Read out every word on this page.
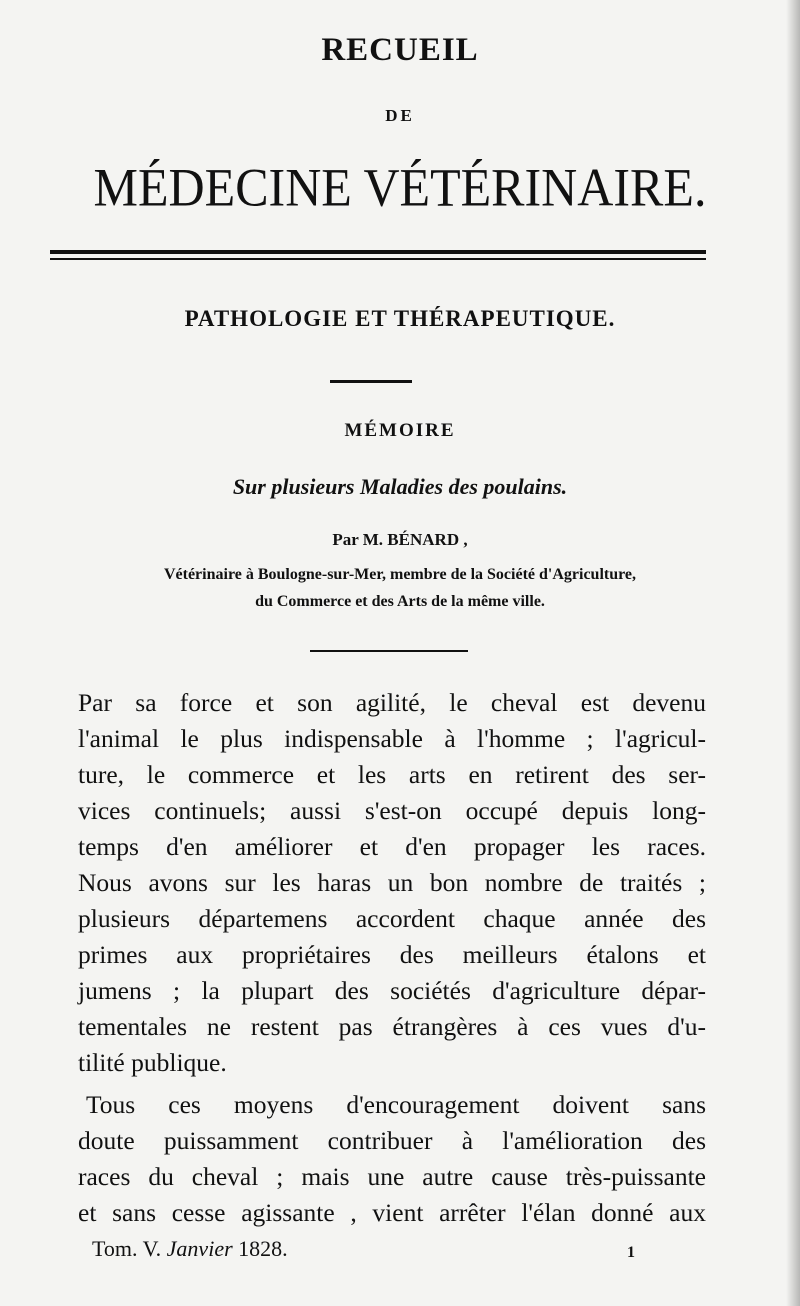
RECUEIL
DE
MÉDECINE VÉTÉRINAIRE.
PATHOLOGIE ET THÉRAPEUTIQUE.
MÉMOIRE
Sur plusieurs Maladies des poulains.
Par M. BÉNARD ,
Vétérinaire à Boulogne-sur-Mer, membre de la Société d'Agriculture,
du Commerce et des Arts de la même ville.
Par sa force et son agilité, le cheval est devenu
l'animal le plus indispensable à l'homme ; l'agricul-
ture, le commerce et les arts en retirent des ser-
vices continuels; aussi s'est-on occupé depuis long-
temps d'en améliorer et d'en propager les races.
Nous avons sur les haras un bon nombre de traités ;
plusieurs départemens accordent chaque année des
primes aux propriétaires des meilleurs étalons et
jumens ; la plupart des sociétés d'agriculture dépar-
tementales ne restent pas étrangères à ces vues d'u-
tilité publique.
Tous ces moyens d'encouragement doivent sans
doute puissamment contribuer à l'amélioration des
races du cheval ; mais une autre cause très-puissante
et sans cesse agissante , vient arrêter l'élan donné aux
Tom. V. Janvier 1828.	1
